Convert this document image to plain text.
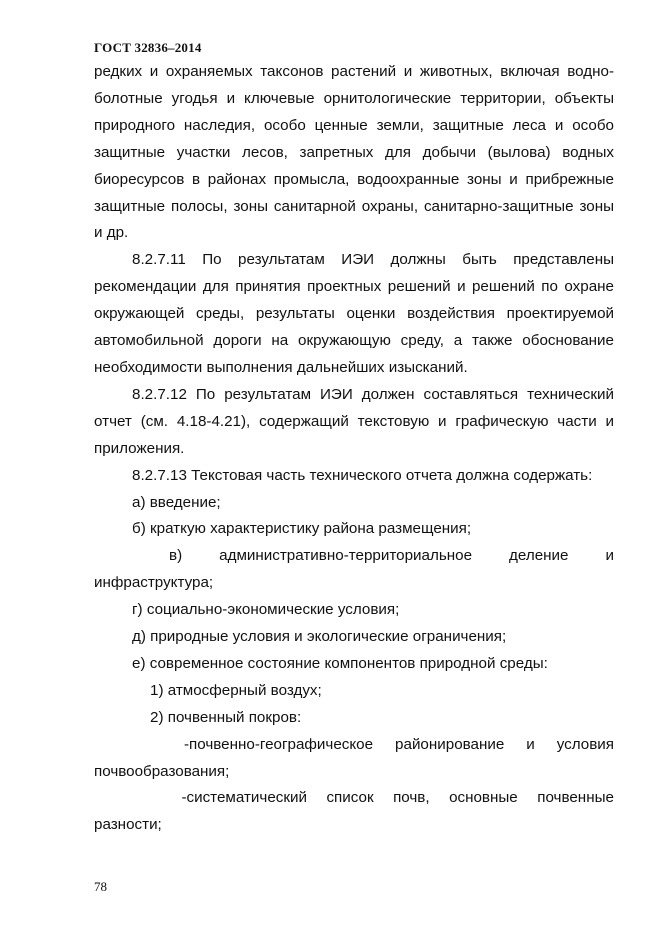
ГОСТ 32836–2014

редких и охраняемых таксонов растений и животных, включая водно-болотные угодья и ключевые орнитологические территории, объекты природного наследия, особо ценные земли, защитные леса и особо защитные участки лесов, запретных для добычи (вылова) водных биоресурсов в районах промысла, водоохранные зоны и прибрежные защитные полосы, зоны санитарной охраны, санитарно-защитные зоны и др.

8.2.7.11 По результатам ИЭИ должны быть представлены рекомендации для принятия проектных решений и решений по охране окружающей среды, результаты оценки воздействия проектируемой автомобильной дороги на окружающую среду, а также обоснование необходимости выполнения дальнейших изысканий.

8.2.7.12 По результатам ИЭИ должен составляться технический отчет (см. 4.18-4.21), содержащий текстовую и графическую части и приложения.

8.2.7.13 Текстовая часть технического отчета должна содержать:

а) введение;
б) краткую характеристику района размещения;
в) административно-территориальное деление и
инфраструктура;
г) социально-экономические условия;
д) природные условия и экологические ограничения;
е) современное состояние компонентов природной среды:
1) атмосферный воздух;
2) почвенный покров:
-почвенно-географическое районирование и условия
почвообразования;
-систематический список почв, основные почвенные
разности;
78
